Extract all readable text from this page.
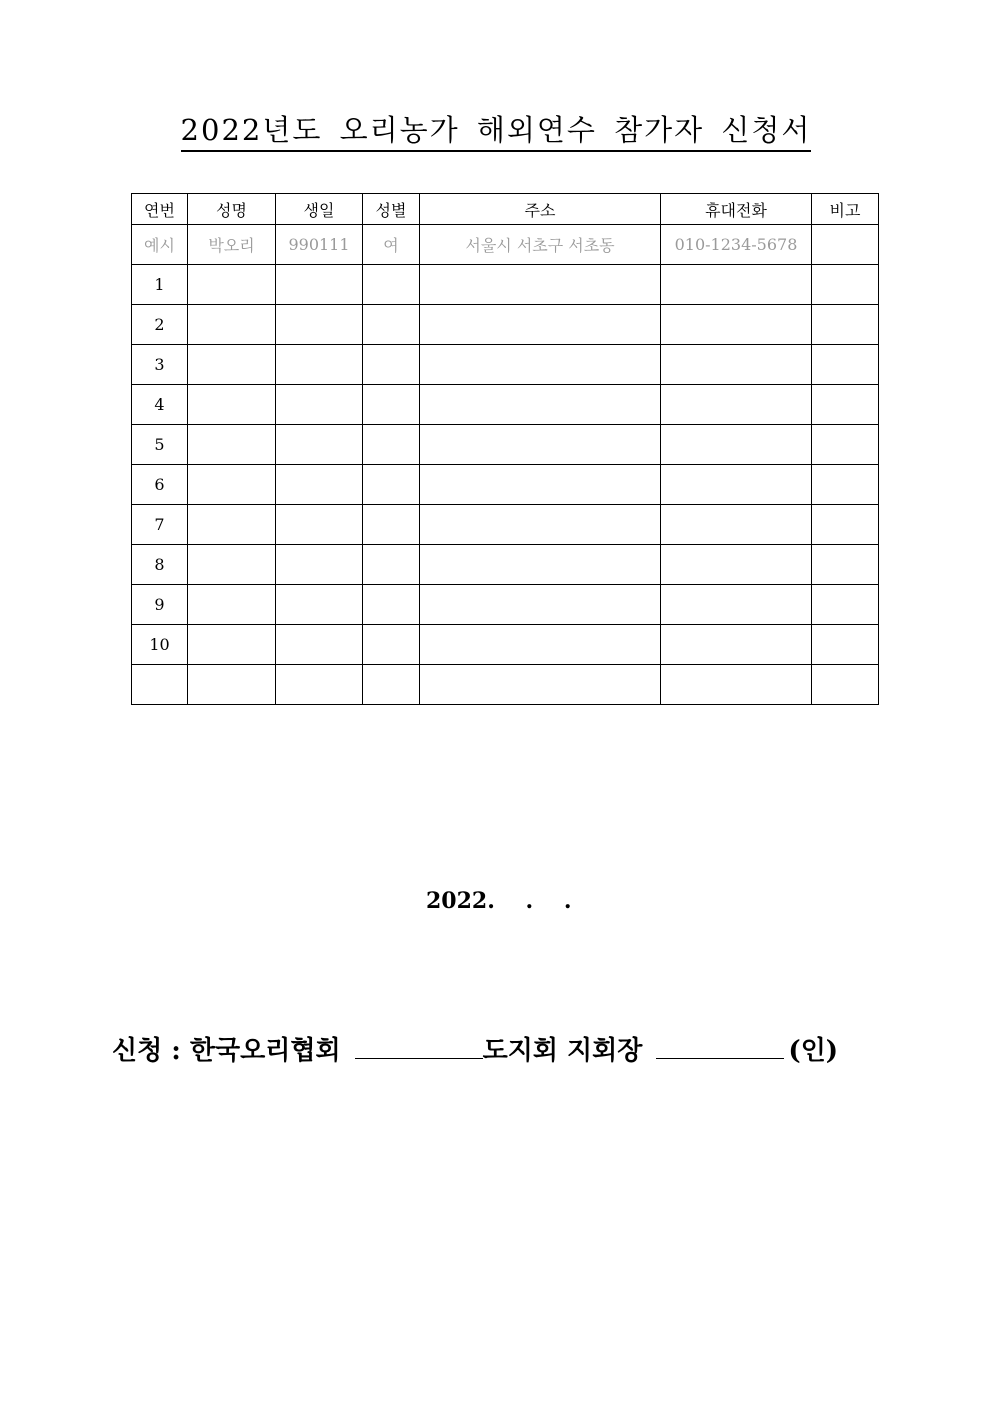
2022년도 오리농가 해외연수 참가자 신청서
연번	성명	생일	성별	주소	휴대전화	비고
예시	박오리	990111	여	서울시 서초구 서초동	010-1234-5678	
1						
2						
3						
4						
5						
6						
7						
8						
9						
10						

2022.    .    .
신청 : 한국오리협회	도지회 지회장	(인)
